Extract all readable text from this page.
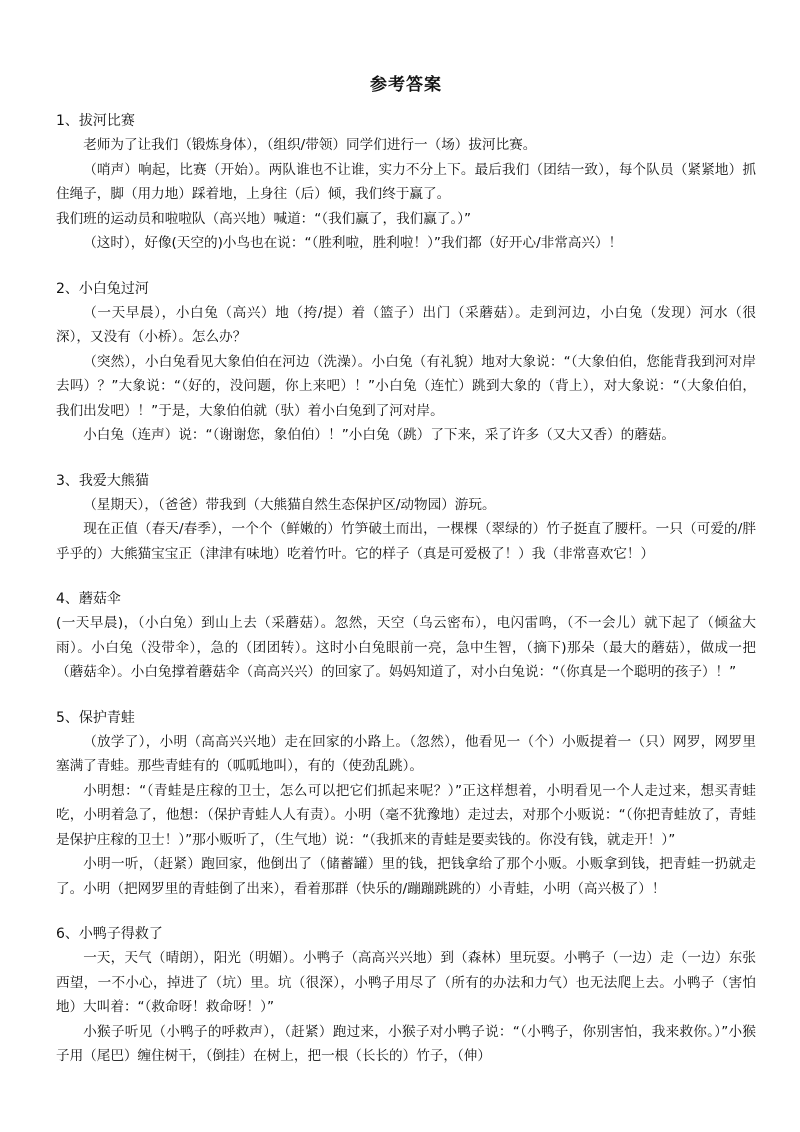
参考答案
1、拔河比赛
老师为了让我们（锻炼身体），（组织/带领）同学们进行一（场）拔河比赛。
（哨声）响起，比赛（开始）。两队谁也不让谁，实力不分上下。最后我们（团结一致），每个队员（紧紧地）抓住绳子，脚（用力地）踩着地，上身往（后）倾，我们终于赢了。
我们班的运动员和啦啦队（高兴地）喊道：“（我们赢了，我们赢了。）”
（这时），好像(天空的)小鸟也在说：“（胜利啦，胜利啦！）”我们都（好开心/非常高兴）！
2、小白兔过河
（一天早晨），小白兔（高兴）地（挎/提）着（篮子）出门（采蘑菇）。走到河边，小白兔（发现）河水（很深），又没有（小桥）。怎么办？
（突然），小白兔看见大象伯伯在河边（洗澡）。小白兔（有礼貌）地对大象说：“（大象伯伯，您能背我到河对岸去吗）？”大象说：“（好的，没问题，你上来吧）！”小白兔（连忙）跳到大象的（背上），对大象说：“（大象伯伯，我们出发吧）！”于是，大象伯伯就（驮）着小白兔到了河对岸。
小白兔（连声）说：“（谢谢您，象伯伯）！”小白兔（跳）了下来，采了许多（又大又香）的蘑菇。
3、我爱大熊猫
（星期天），（爸爸）带我到（大熊猫自然生态保护区/动物园）游玩。
现在正值（春天/春季），一个个（鲜嫩的）竹笋破土而出，一棵棵（翠绿的）竹子挺直了腰杆。一只（可爱的/胖乎乎的）大熊猫宝宝正（津津有味地）吃着竹叶。它的样子（真是可爱极了！）我（非常喜欢它！）
4、蘑菇伞
(一天早晨)，（小白兔）到山上去（采蘑菇）。忽然，天空（乌云密布），电闪雷鸣，（不一会儿）就下起了（倾盆大雨）。小白兔（没带伞），急的（团团转）。这时小白兔眼前一亮，急中生智，（摘下)那朵（最大的蘑菇），做成一把（蘑菇伞）。小白兔撑着蘑菇伞（高高兴兴）的回家了。妈妈知道了，对小白兔说：“（你真是一个聪明的孩子）！”
5、保护青蛙
（放学了），小明（高高兴兴地）走在回家的小路上。（忽然），他看见一（个）小贩提着一（只）网罗，网罗里塞满了青蛙。那些青蛙有的（呱呱地叫），有的（使劲乱跳）。
小明想：“（青蛙是庄稼的卫士，怎么可以把它们抓起来呢？）”正这样想着，小明看见一个人走过来，想买青蛙吃，小明着急了，他想：（保护青蛙人人有责）。小明（毫不犹豫地）走过去，对那个小贩说：“（你把青蛙放了，青蛙是保护庄稼的卫士！）”那小贩听了，（生气地）说：“（我抓来的青蛙是要卖钱的。你没有钱，就走开！）”
小明一听，（赶紧）跑回家，他倒出了（储蓄罐）里的钱，把钱拿给了那个小贩。小贩拿到钱，把青蛙一扔就走了。小明（把网罗里的青蛙倒了出来），看着那群（快乐的/蹦蹦跳跳的）小青蛙，小明（高兴极了）！
6、小鸭子得救了
一天，天气（晴朗），阳光（明媚）。小鸭子（高高兴兴地）到（森林）里玩耍。小鸭子（一边）走（一边）东张西望，一不小心，掉进了（坑）里。坑（很深），小鸭子用尽了（所有的办法和力气）也无法爬上去。小鸭子（害怕地）大叫着：“（救命呀！救命呀！）”
小猴子听见（小鸭子的呼救声），（赶紧）跑过来，小猴子对小鸭子说：“（小鸭子，你别害怕，我来救你。）”小猴子用（尾巴）缠住树干，（倒挂）在树上，把一根（长长的）竹子，（伸）
